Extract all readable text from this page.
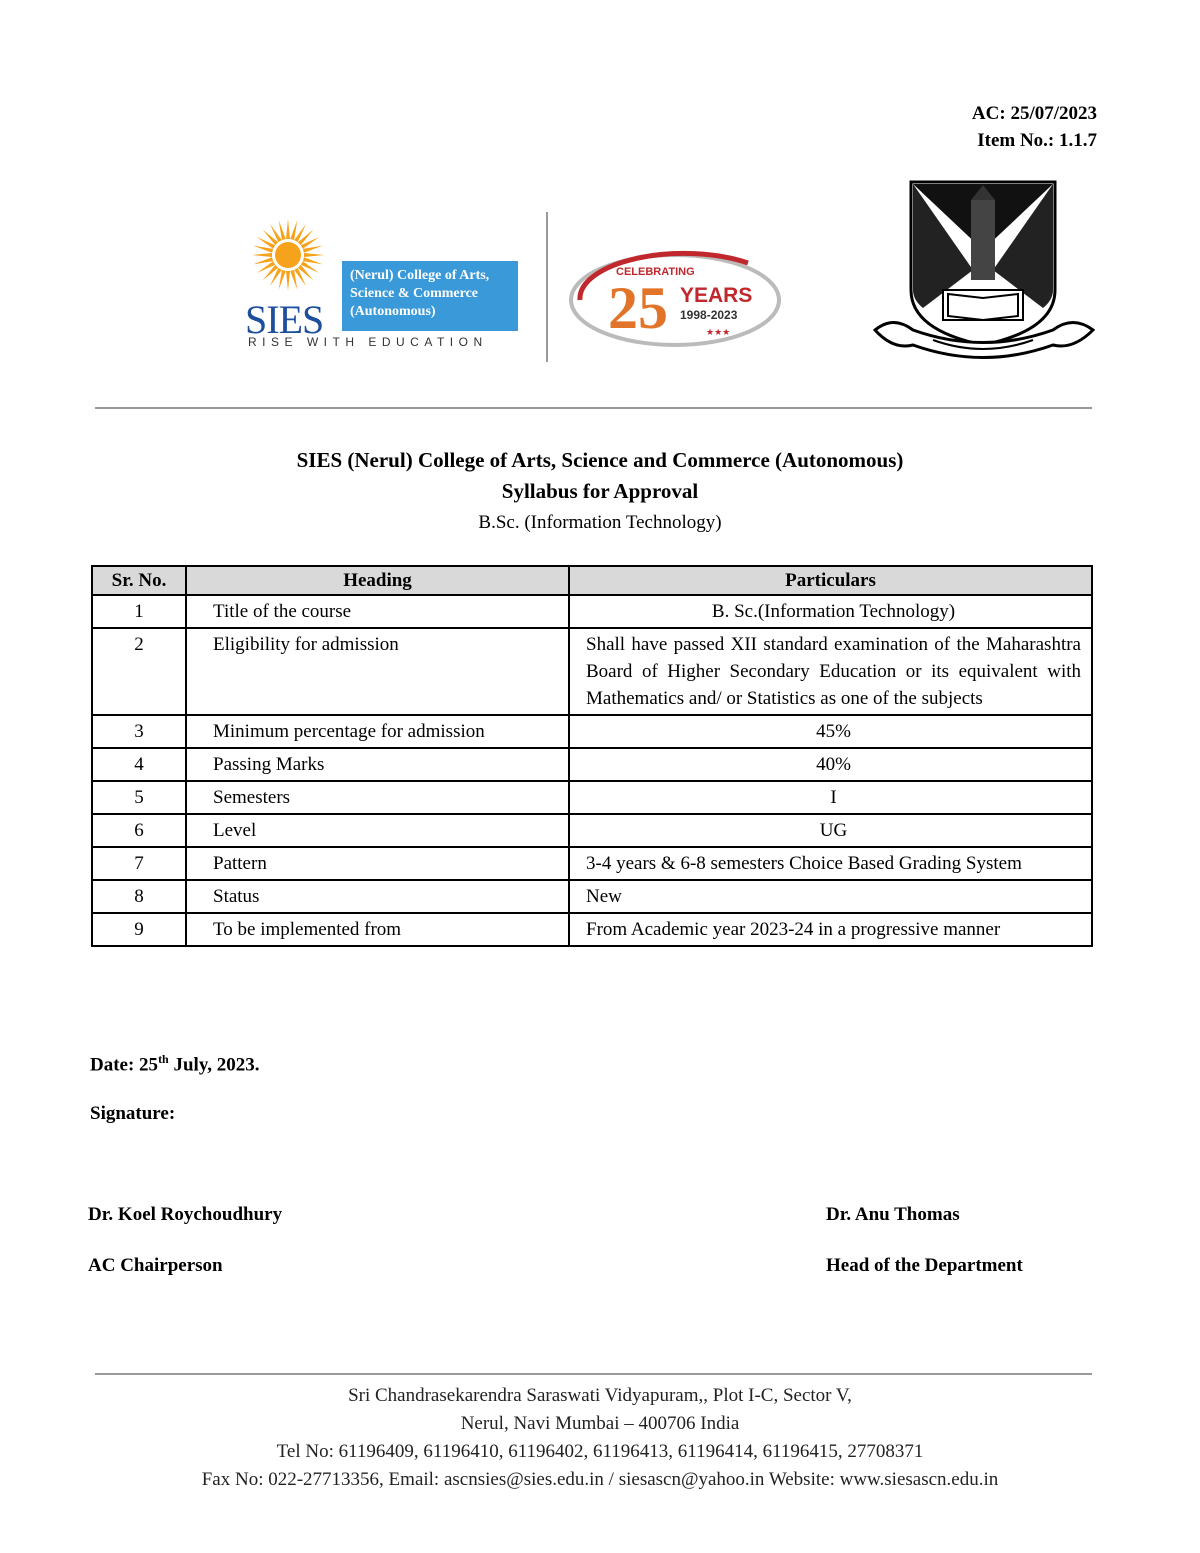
AC: 25/07/2023
Item No.: 1.1.7
SIES
(Nerul) College of Arts,
Science & Commerce
(Autonomous)
RISE WITH EDUCATION
CELEBRATING
25 YEARS
1998-2023
★★★
SIES (Nerul) College of Arts, Science and Commerce (Autonomous)
Syllabus for Approval
B.Sc. (Information Technology)
Sr. No.	Heading	Particulars
1	Title of the course	B. Sc.(Information Technology)
2	Eligibility for admission	Shall have passed XII standard examination of the Maharashtra Board of Higher Secondary Education or its equivalent with Mathematics and/ or Statistics as one of the subjects
3	Minimum percentage for admission	45%
4	Passing Marks	40%
5	Semesters	I
6	Level	UG
7	Pattern	3-4 years & 6-8 semesters Choice Based Grading System
8	Status	New
9	To be implemented from	From Academic year 2023-24 in a progressive manner
Date: 25th July, 2023.
Signature:
Dr. Koel Roychoudhury
AC Chairperson
Dr. Anu Thomas
Head of the Department
Sri Chandrasekarendra Saraswati Vidyapuram,, Plot I-C, Sector V,
Nerul, Navi Mumbai – 400706 India
Tel No: 61196409, 61196410, 61196402, 61196413, 61196414, 61196415, 27708371
Fax No: 022-27713356, Email: ascnsies@sies.edu.in / siesascn@yahoo.in Website: www.siesascn.edu.in
